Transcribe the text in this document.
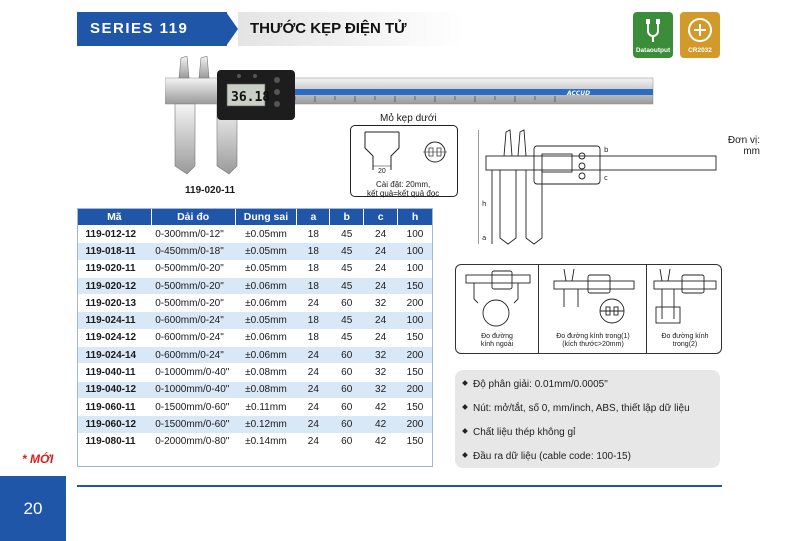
SERIES 119	THƯỚC KẸP ĐIỆN TỬ
Dataoutput	CR2032
36.18	ACCUD
119-020-11
Mỏ kẹp dưới
20
Cài đặt: 20mm,
kết quả=kết quả đọc
Đơn vị:
mm
h
a
b
c
Mã	Dải đo	Dung sai	a	b	c	h
119-012-12	0-300mm/0-12"	±0.05mm	18	45	24	100
119-018-11	0-450mm/0-18"	±0.05mm	18	45	24	100
119-020-11	0-500mm/0-20"	±0.05mm	18	45	24	100
119-020-12	0-500mm/0-20"	±0.06mm	18	45	24	150
119-020-13	0-500mm/0-20"	±0.06mm	24	60	32	200
119-024-11	0-600mm/0-24"	±0.05mm	18	45	24	100
119-024-12	0-600mm/0-24"	±0.06mm	18	45	24	150
119-024-14	0-600mm/0-24"	±0.06mm	24	60	32	200
119-040-11	0-1000mm/0-40"	±0.08mm	24	60	32	150
119-040-12	0-1000mm/0-40"	±0.08mm	24	60	32	200
119-060-11	0-1500mm/0-60"	±0.11mm	24	60	42	150
119-060-12	0-1500mm/0-60"	±0.12mm	24	60	42	200
119-080-11	0-2000mm/0-80"	±0.14mm	24	60	42	150
* MỚI
Đo đường
kính ngoài
Đo đường kính trong(1)
(kích thước>20mm)
Đo đường kính
trong(2)
Độ phân giải: 0.01mm/0.0005"
Nút: mở/tắt, số 0, mm/inch, ABS, thiết lập dữ liệu
Chất liệu thép không gỉ
Đầu ra dữ liệu (cable code: 100-15)
20
